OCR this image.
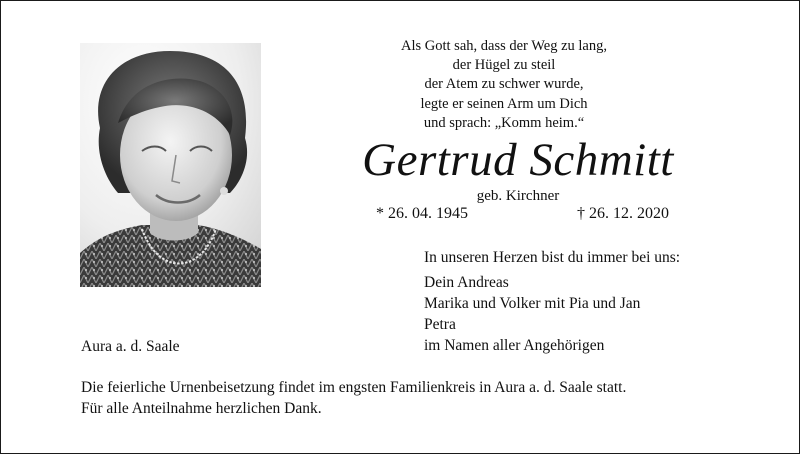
Als Gott sah, dass der Weg zu lang,
der Hügel zu steil
der Atem zu schwer wurde,
legte er seinen Arm um Dich
und sprach: „Komm heim.“
Gertrud Schmitt
geb. Kirchner
* 26. 04. 1945	† 26. 12. 2020
In unseren Herzen bist du immer bei uns:
Dein Andreas
Marika und Volker mit Pia und Jan
Petra
im Namen aller Angehörigen
Aura a. d. Saale
Die feierliche Urnenbeisetzung findet im engsten Familienkreis in Aura a. d. Saale statt.
Für alle Anteilnahme herzlichen Dank.
